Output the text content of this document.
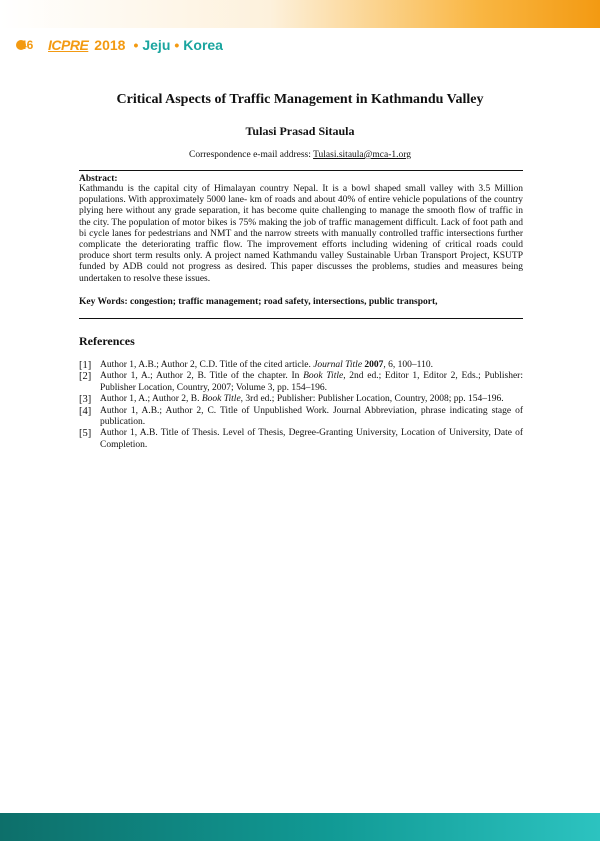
46 ICPRE 2018 • Jeju • Korea
Critical Aspects of Traffic Management in Kathmandu Valley
Tulasi Prasad Sitaula
Correspondence e-mail address: Tulasi.sitaula@mca-1.org
Abstract:

Kathmandu is the capital city of Himalayan country Nepal. It is a bowl shaped small valley with 3.5 Million populations. With approximately 5000 lane- km of roads and about 40% of entire vehicle populations of the country plying here without any grade separation, it has become quite challenging to manage the smooth flow of traffic in the city. The population of motor bikes is 75% making the job of traffic management difficult. Lack of foot path and bi cycle lanes for pedestrians and NMT and the narrow streets with manually controlled traffic intersections further complicate the deteriorating traffic flow. The improvement efforts including widening of critical roads could produce short term results only. A project named Kathmandu valley Sustainable Urban Transport Project, KSUTP funded by ADB could not progress as desired. This paper discusses the problems, studies and measures being undertaken to resolve these issues.

Key Words: congestion; traffic management; road safety, intersections, public transport,
References
[1] Author 1, A.B.; Author 2, C.D. Title of the cited article. Journal Title 2007, 6, 100–110.
[2] Author 1, A.; Author 2, B. Title of the chapter. In Book Title, 2nd ed.; Editor 1, Editor 2, Eds.; Publisher: Publisher Location, Country, 2007; Volume 3, pp. 154–196.
[3] Author 1, A.; Author 2, B. Book Title, 3rd ed.; Publisher: Publisher Location, Country, 2008; pp. 154–196.
[4] Author 1, A.B.; Author 2, C. Title of Unpublished Work. Journal Abbreviation, phrase indicating stage of publication.
[5] Author 1, A.B. Title of Thesis. Level of Thesis, Degree-Granting University, Location of University, Date of Completion.
